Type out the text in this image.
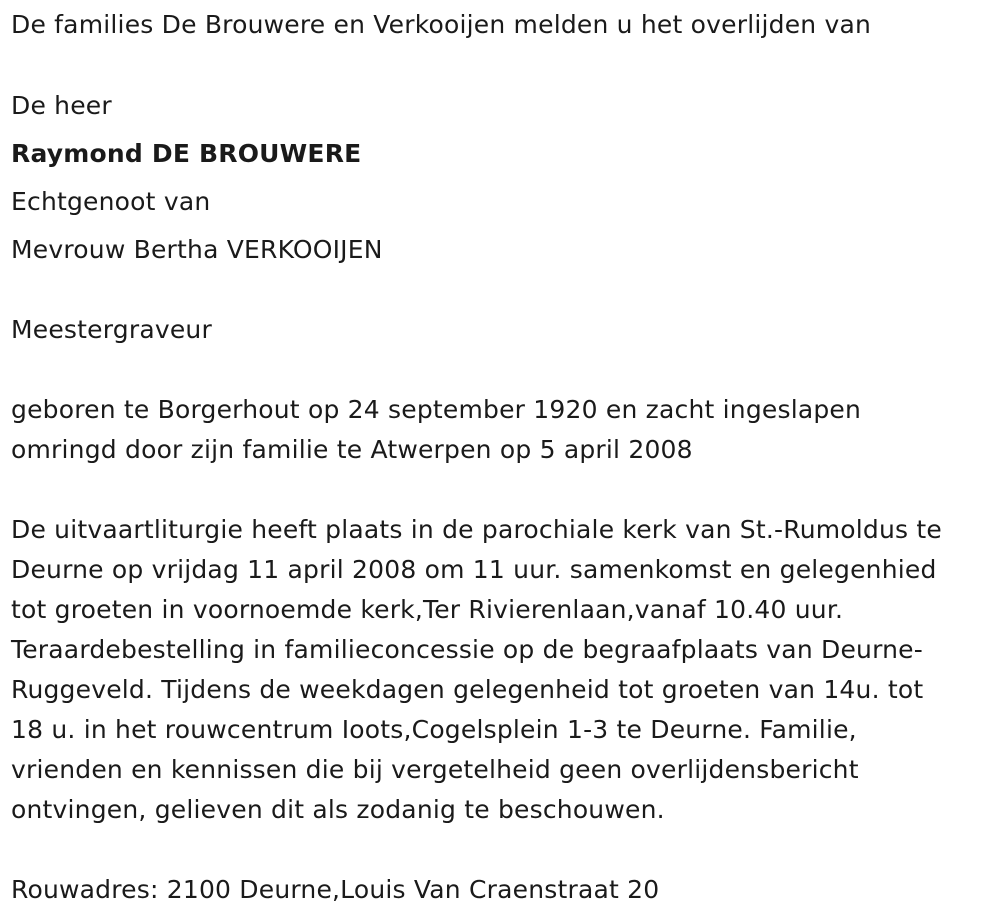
De families De Brouwere en Verkooijen melden u het overlijden van
De heer
Raymond DE BROUWERE
Echtgenoot van
Mevrouw Bertha VERKOOIJEN
Meestergraveur
geboren te Borgerhout op 24 september 1920 en zacht ingeslapen
omringd door zijn familie te Atwerpen op 5 april 2008
De uitvaartliturgie heeft plaats in de parochiale kerk van St.-Rumoldus te
Deurne op vrijdag 11 april 2008 om 11 uur. samenkomst en gelegenhied
tot groeten in voornoemde kerk,Ter Rivierenlaan,vanaf 10.40 uur.
Teraardebestelling in familieconcessie op de begraafplaats van Deurne-
Ruggeveld. Tijdens de weekdagen gelegenheid tot groeten van 14u. tot
18 u. in het rouwcentrum Ioots,Cogelsplein 1-3 te Deurne. Familie,
vrienden en kennissen die bij vergetelheid geen overlijdensbericht
ontvingen, gelieven dit als zodanig te beschouwen.
Rouwadres: 2100 Deurne,Louis Van Craenstraat 20
